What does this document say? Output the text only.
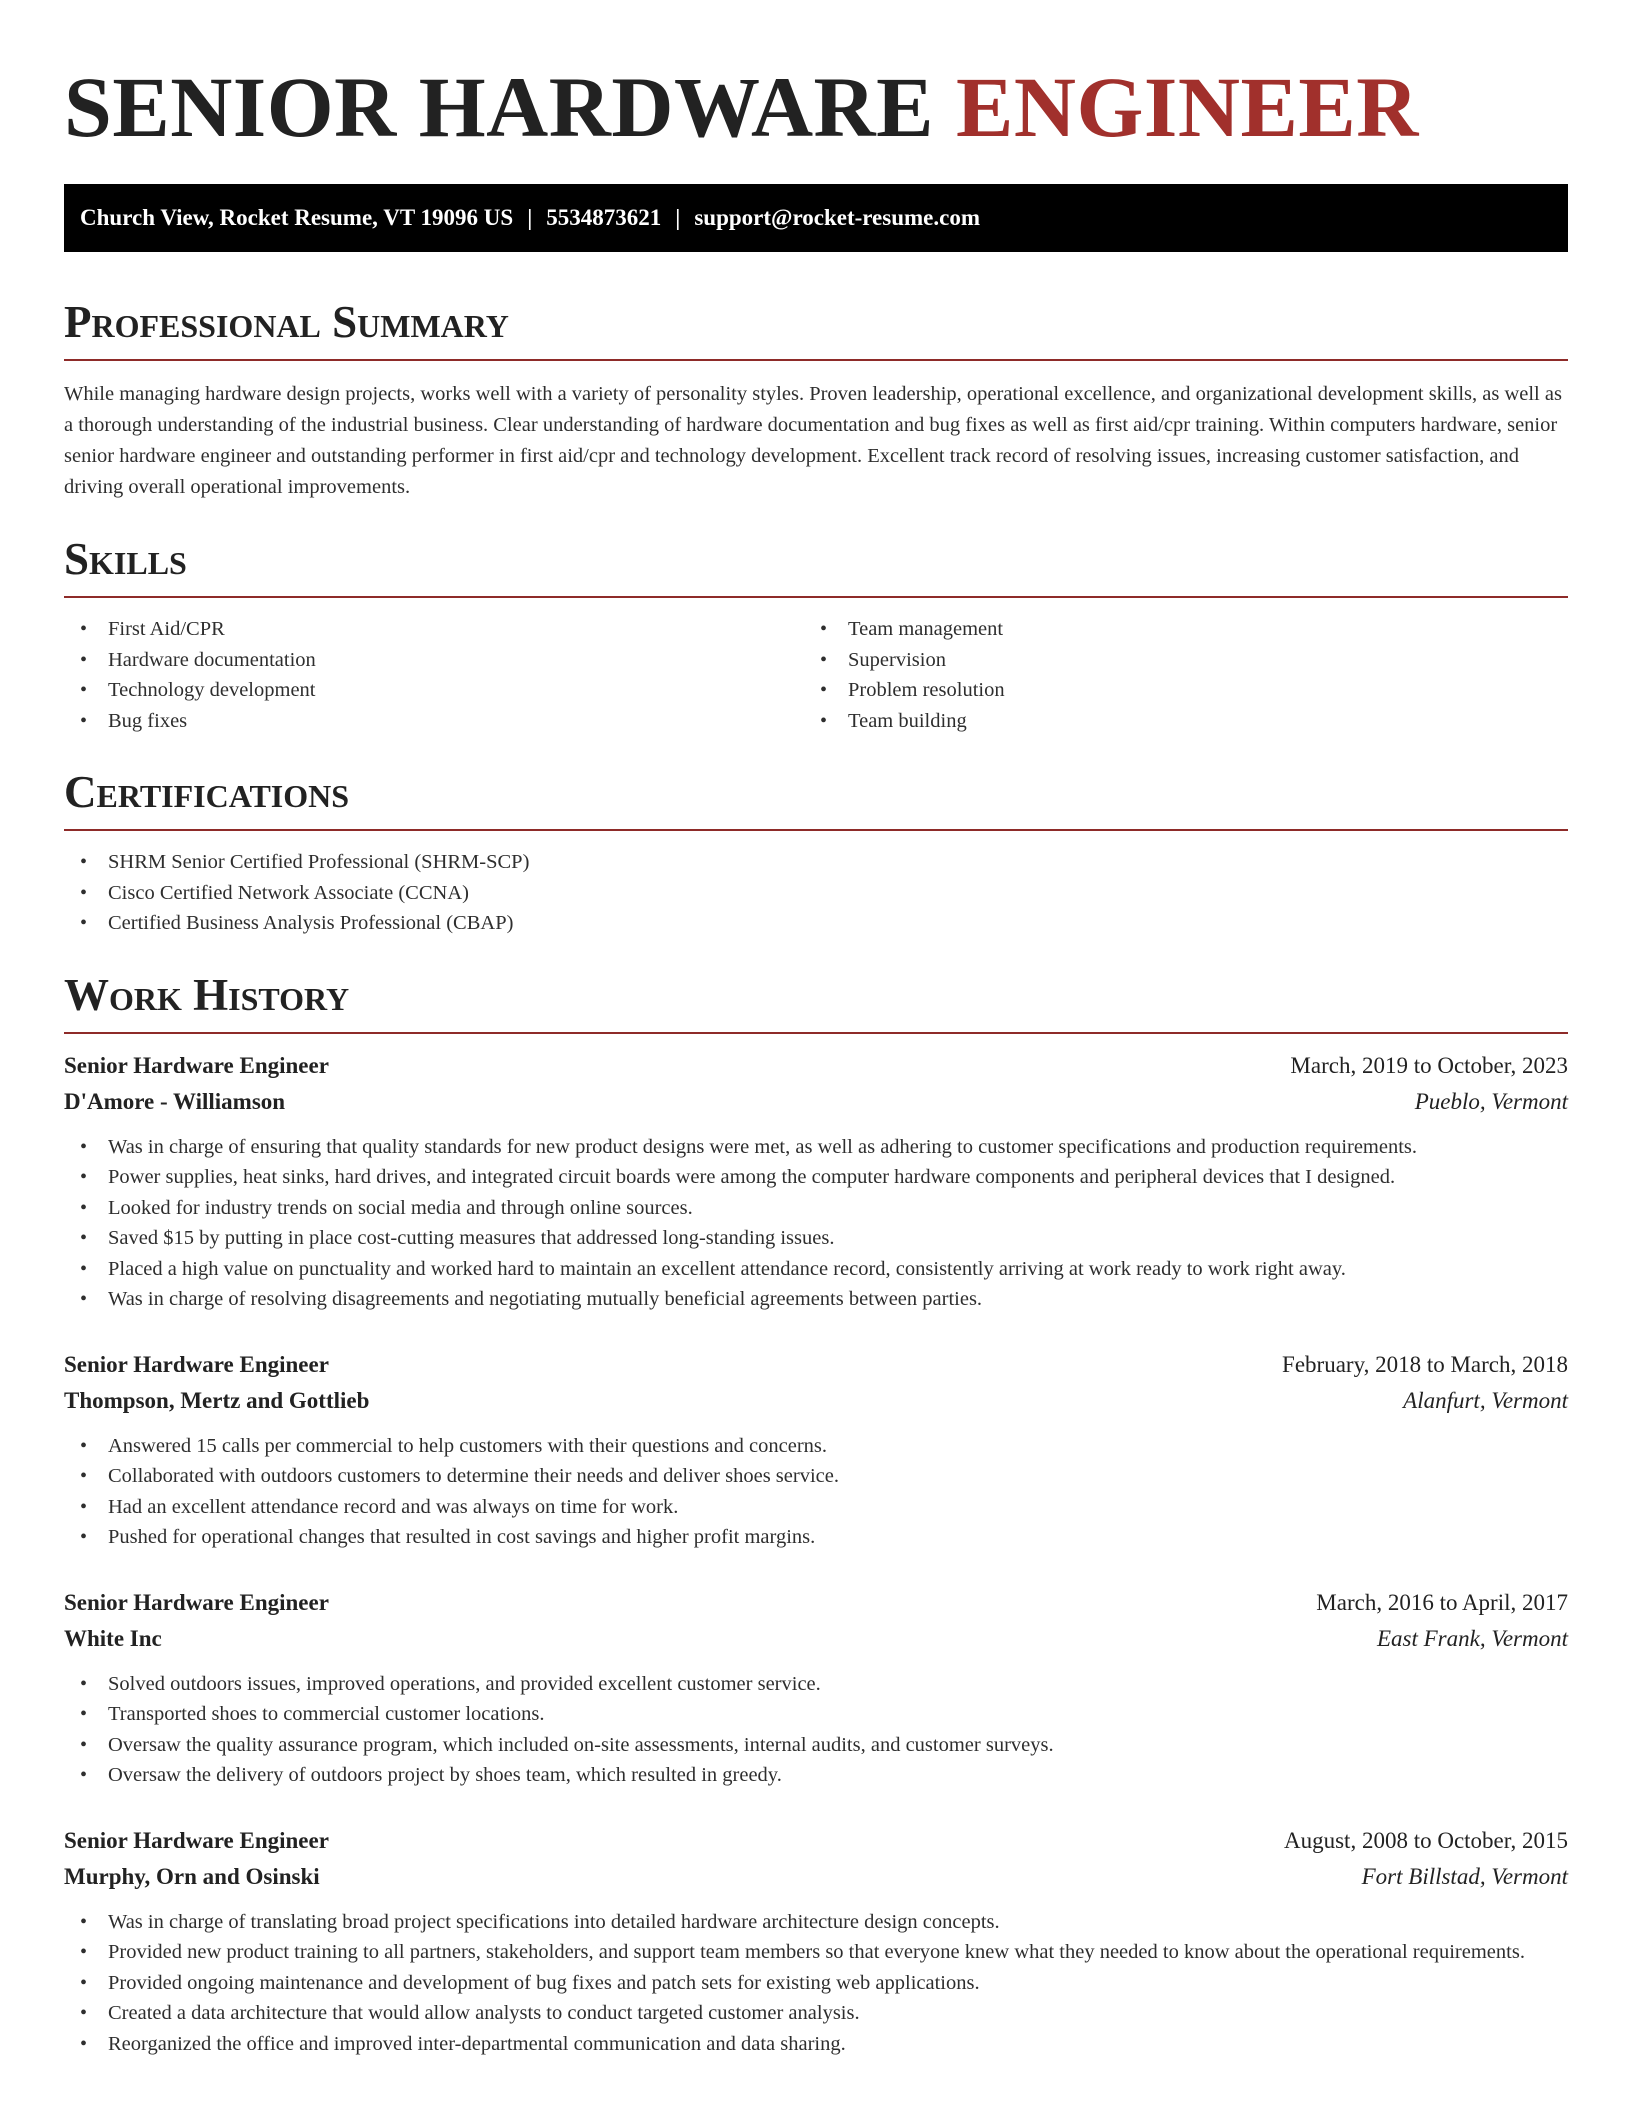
SENIOR HARDWARE ENGINEER
Church View, Rocket Resume, VT 19096 US | 5534873621 | support@rocket-resume.com
Professional Summary

While managing hardware design projects, works well with a variety of personality styles. Proven leadership, operational excellence, and organizational development skills, as well as a thorough understanding of the industrial business. Clear understanding of hardware documentation and bug fixes as well as first aid/cpr training. Within computers hardware, senior senior hardware engineer and outstanding performer in first aid/cpr and technology development. Excellent track record of resolving issues, increasing customer satisfaction, and driving overall operational improvements.

Skills
• First Aid/CPR
• Hardware documentation
• Technology development
• Bug fixes
• Team management
• Supervision
• Problem resolution
• Team building
Certifications
• SHRM Senior Certified Professional (SHRM-SCP)
• Cisco Certified Network Associate (CCNA)
• Certified Business Analysis Professional (CBAP)
Work History
Senior Hardware Engineer	March, 2019 to October, 2023
D'Amore - Williamson	Pueblo, Vermont
• Was in charge of ensuring that quality standards for new product designs were met, as well as adhering to customer specifications and production requirements.
• Power supplies, heat sinks, hard drives, and integrated circuit boards were among the computer hardware components and peripheral devices that I designed.
• Looked for industry trends on social media and through online sources.
• Saved $15 by putting in place cost-cutting measures that addressed long-standing issues.
• Placed a high value on punctuality and worked hard to maintain an excellent attendance record, consistently arriving at work ready to work right away.
• Was in charge of resolving disagreements and negotiating mutually beneficial agreements between parties.
Senior Hardware Engineer	February, 2018 to March, 2018
Thompson, Mertz and Gottlieb	Alanfurt, Vermont
• Answered 15 calls per commercial to help customers with their questions and concerns.
• Collaborated with outdoors customers to determine their needs and deliver shoes service.
• Had an excellent attendance record and was always on time for work.
• Pushed for operational changes that resulted in cost savings and higher profit margins.
Senior Hardware Engineer	March, 2016 to April, 2017
White Inc	East Frank, Vermont
• Solved outdoors issues, improved operations, and provided excellent customer service.
• Transported shoes to commercial customer locations.
• Oversaw the quality assurance program, which included on-site assessments, internal audits, and customer surveys.
• Oversaw the delivery of outdoors project by shoes team, which resulted in greedy.
Senior Hardware Engineer	August, 2008 to October, 2015
Murphy, Orn and Osinski	Fort Billstad, Vermont
• Was in charge of translating broad project specifications into detailed hardware architecture design concepts.
• Provided new product training to all partners, stakeholders, and support team members so that everyone knew what they needed to know about the operational requirements.
• Provided ongoing maintenance and development of bug fixes and patch sets for existing web applications.
• Created a data architecture that would allow analysts to conduct targeted customer analysis.
• Reorganized the office and improved inter-departmental communication and data sharing.
